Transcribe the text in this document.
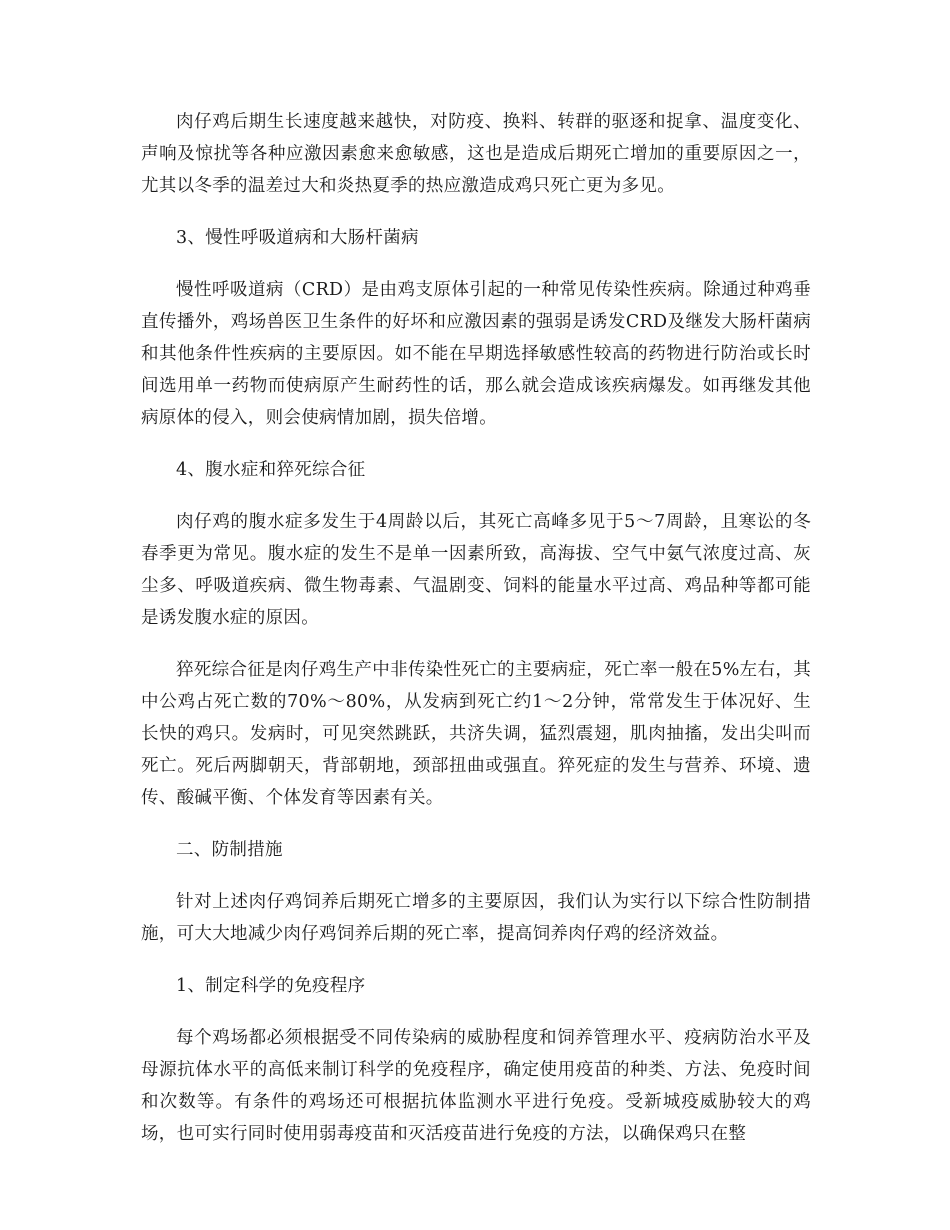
肉仔鸡后期生长速度越来越快，对防疫、换料、转群的驱逐和捉拿、温度变化、声响及惊扰等各种应激因素愈来愈敏感，这也是造成后期死亡增加的重要原因之一，尤其以冬季的温差过大和炎热夏季的热应激造成鸡只死亡更为多见。

3、慢性呼吸道病和大肠杆菌病

慢性呼吸道病（CRD）是由鸡支原体引起的一种常见传染性疾病。除通过种鸡垂直传播外，鸡场兽医卫生条件的好坏和应激因素的强弱是诱发CRD及继发大肠杆菌病和其他条件性疾病的主要原因。如不能在早期选择敏感性较高的药物进行防治或长时间选用单一药物而使病原产生耐药性的话，那么就会造成该疾病爆发。如再继发其他病原体的侵入，则会使病情加剧，损失倍增。

4、腹水症和猝死综合征

肉仔鸡的腹水症多发生于4周龄以后，其死亡高峰多见于5～7周龄，且寒讼的冬春季更为常见。腹水症的发生不是单一因素所致，高海拔、空气中氨气浓度过高、灰尘多、呼吸道疾病、微生物毒素、气温剧变、饲料的能量水平过高、鸡品种等都可能是诱发腹水症的原因。

猝死综合征是肉仔鸡生产中非传染性死亡的主要病症，死亡率一般在5%左右，其中公鸡占死亡数的70%～80%，从发病到死亡约1～2分钟，常常发生于体况好、生长快的鸡只。发病时，可见突然跳跃，共济失调，猛烈震翅，肌肉抽搐，发出尖叫而死亡。死后两脚朝天，背部朝地，颈部扭曲或强直。猝死症的发生与营养、环境、遗传、酸碱平衡、个体发育等因素有关。

二、防制措施

针对上述肉仔鸡饲养后期死亡增多的主要原因，我们认为实行以下综合性防制措施，可大大地减少肉仔鸡饲养后期的死亡率，提高饲养肉仔鸡的经济效益。

1、制定科学的免疫程序

每个鸡场都必须根据受不同传染病的威胁程度和饲养管理水平、疫病防治水平及母源抗体水平的高低来制订科学的免疫程序，确定使用疫苗的种类、方法、免疫时间和次数等。有条件的鸡场还可根据抗体监测水平进行免疫。受新城疫威胁较大的鸡场，也可实行同时使用弱毒疫苗和灭活疫苗进行免疫的方法，以确保鸡只在整
